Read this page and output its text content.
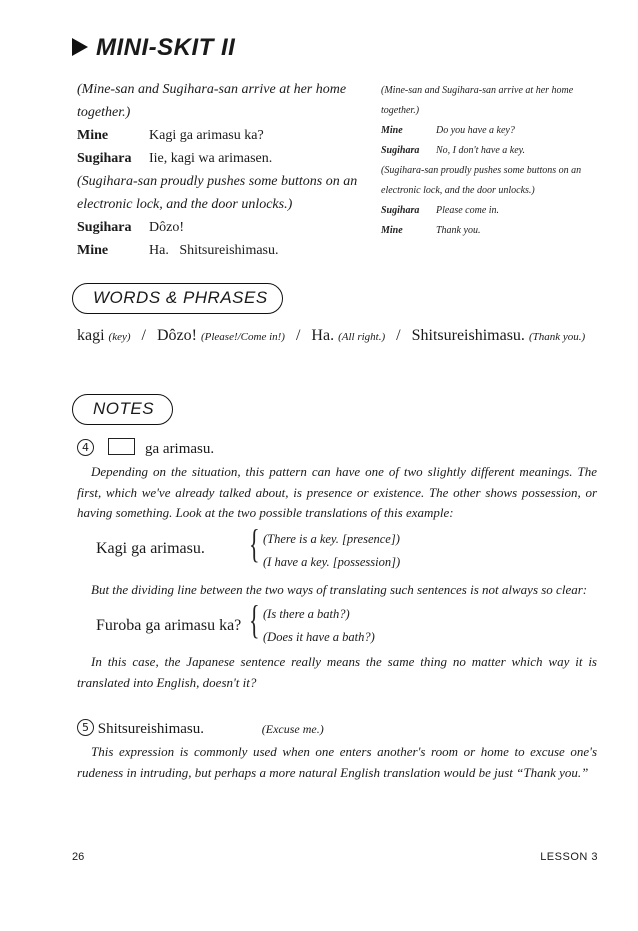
MINI-SKIT II
(Mine-san and Sugihara-san arrive at her home
together.)
Mine	Kagi ga arimasu ka?
Sugihara Iie, kagi wa arimasen.
(Sugihara-san proudly pushes some buttons on an
electronic lock, and the door unlocks.)
Sugihara Dôzo!
Mine	Ha.   Shitsureishimasu.
(Mine-san and Sugihara-san arrive at her home
together.)
Mine	Do you have a key?
Sugihara No, I don't have a key.
(Sugihara-san proudly pushes some buttons on an
electronic lock, and the door unlocks.)
Sugihara Please come in.
Mine	Thank you.
WORDS & PHRASES
kagi (key) / Dôzo! (Please!/Come in!) / Ha. (All right.) / Shitsureishimasu. (Thank you.)
NOTES
4	ga arimasu.
Depending on the situation, this pattern can have one of two slightly different meanings. The first, which we've already talked about, is presence or existence. The other shows possession, or having something. Look at the two possible translations of this example:
Kagi ga arimasu. { (There is a key. [presence])
(I have a key. [possession])
But the dividing line between the two ways of translating such sentences is not always so clear:
Furoba ga arimasu ka? { (Is there a bath?)
(Does it have a bath?)
In this case, the Japanese sentence really means the same thing no matter which way it is translated into English, doesn't it?
5 Shitsureishimasu.	(Excuse me.)
This expression is commonly used when one enters another's room or home to excuse one's rudeness in intruding, but perhaps a more natural English translation would be just “Thank you.”
26	LESSON 3
